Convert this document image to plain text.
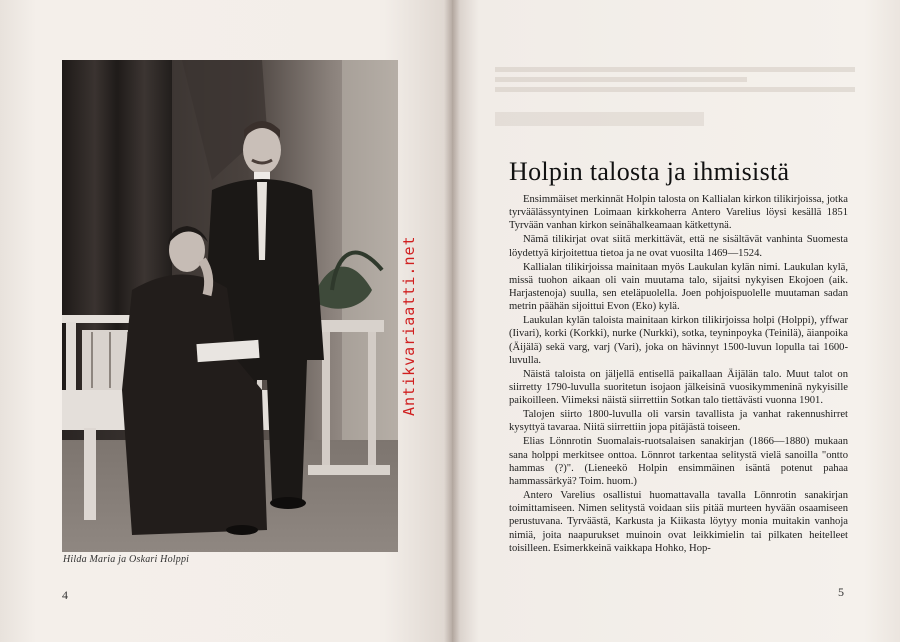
Hilda Maria ja Oskari Holppi
4
Holpin talosta ja ihmisistä

Ensimmäiset merkinnät Holpin talosta on Kallialan kirkon tilikirjoissa, jotka tyrväälässyntyinen Loimaan kirkkoherra Antero Varelius löysi kesällä 1851 Tyrvään vanhan kirkon seinähalkeamaan kätkettynä.

Nämä tilikirjat ovat siitä merkittävät, että ne sisältävät vanhinta Suomesta löydettyä kirjoitettua tietoa ja ne ovat vuosilta 1469—1524.

Kallialan tilikirjoissa mainitaan myös Laukulan kylän nimi. Laukulan kylä, missä tuohon aikaan oli vain muutama talo, sijaitsi nykyisen Ekojoen (aik. Harjastenoja) suulla, sen eteläpuolella. Joen pohjoispuolelle muutaman sadan metrin päähän sijoittui Evon (Eko) kylä.

Laukulan kylän taloista mainitaan kirkon tilikirjoissa holpi (Holppi), yffwar (Iivari), korki (Korkki), nurke (Nurkki), sotka, teyninpoyka (Teinilä), äianpoika (Äijälä) sekä varg, varj (Vari), joka on hävinnyt 1500-luvun lopulla tai 1600-luvulla.

Näistä taloista on jäljellä entisellä paikallaan Äijälän talo. Muut talot on siirretty 1790-luvulla suoritetun isojaon jälkeisinä vuosikymmeninä nykyisille paikoilleen. Viimeksi näistä siirrettiin Sotkan talo tiettävästi vuonna 1901.

Talojen siirto 1800-luvulla oli varsin tavallista ja vanhat rakennushirret kysyttyä tavaraa. Niitä siirrettiin jopa pitäjästä toiseen.

Elias Lönnrotin Suomalais-ruotsalaisen sanakirjan (1866—1880) mukaan sana holppi merkitsee onttoa. Lönnrot tarkentaa selitystä vielä sanoilla "ontto hammas (?)". (Lieneekö Holpin ensimmäinen isäntä potenut pahaa hammassärkyä? Toim. huom.)

Antero Varelius osallistui huomattavalla tavalla Lönnrotin sanakirjan toimittamiseen. Nimen selitystä voidaan siis pitää murteen hyvään osaamiseen perustuvana. Tyrväästä, Karkusta ja Kiikasta löytyy monia muitakin vanhoja nimiä, joita naapurukset muinoin ovat leikkimielin tai pilkaten heitelleet toisilleen. Esimerkkeinä vaikkapa Hohko, Hop-

5
Antikvariaatti.net
